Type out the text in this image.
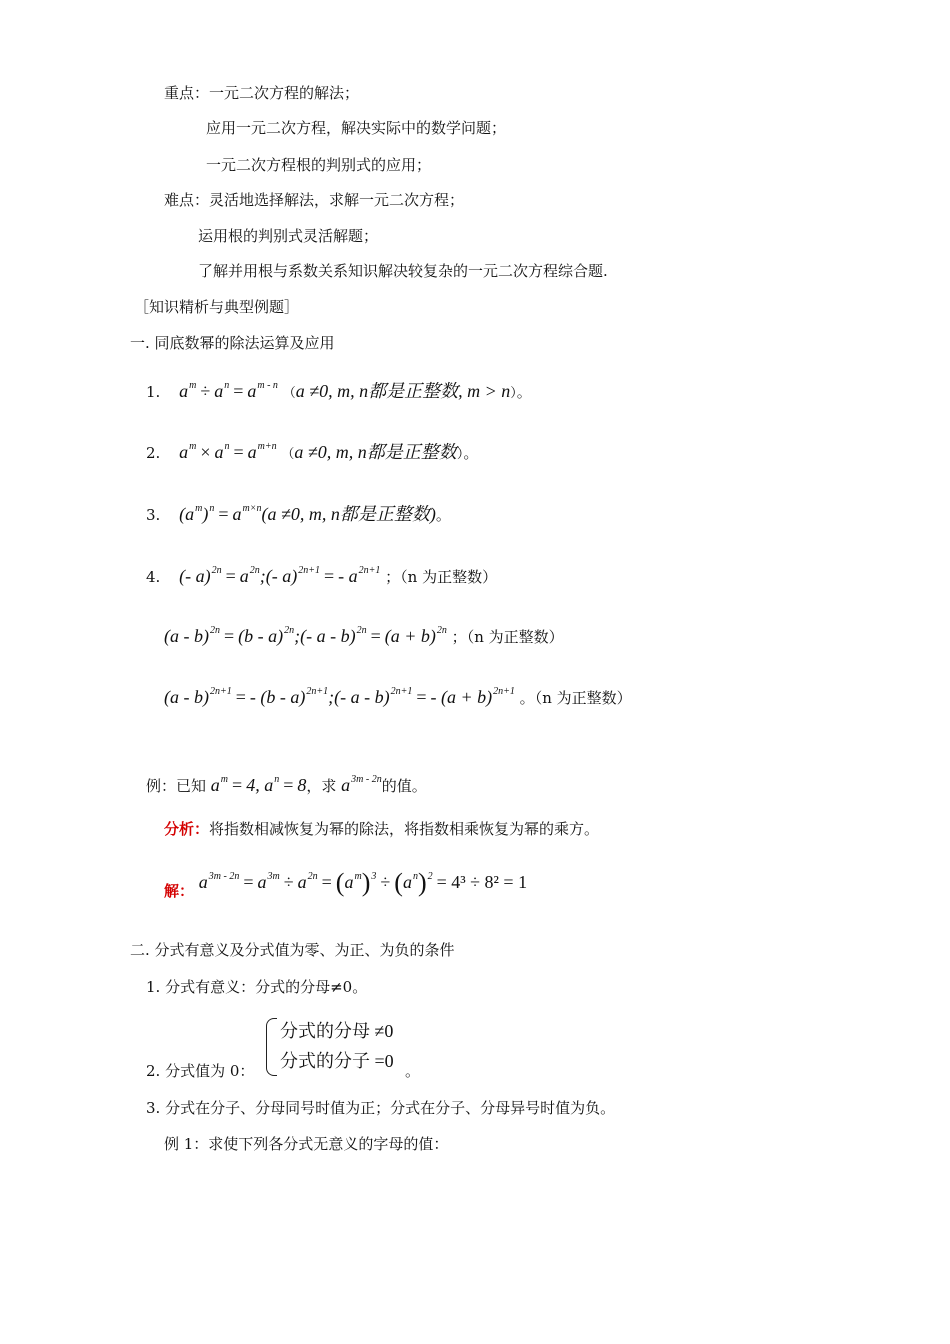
重点：一元二次方程的解法；
应用一元二次方程，解决实际中的数学问题；
一元二次方程根的判别式的应用；
难点：灵活地选择解法，求解一元二次方程；
运用根的判别式灵活解题；
了解并用根与系数关系知识解决较复杂的一元二次方程综合题.
［知识精析与典型例题］
一. 同底数幂的除法运算及应用
1. $a^m \div a^n = a^{m - n}$ （a ≠0, m, n都是正整数, m > n）。
2. $a^m \times a^n = a^{m+n}$ （a ≠0, m, n都是正整数）。
3. $(a^m)^n = a^{m\times n}(a \ne 0$, m, n都是正整数)。
4. (- $a)^{2n} = a^{2n};(-$ a)$^{2n+1}$ = - $a^{2n+1}$ ；（n 为正整数）
(a - b)$^{2n}$ = (b - a)$^{2n}$;(- $a - b)^{2n} = (a + b)^{2n}$ ；（n 为正整数）
(a - b)$^{2n+1}$ = - (b - a)$^{2n+1}$;(- a - b)$^{2n+1}$ = - $(a + b)^{2n+1}$ 。（n 为正整数）
例：已知 $a^m = 4$, $a^n = 8$，求 $a^{3m - 2n}$的值。
分析：将指数相减恢复为幂的除法，将指数相乘恢复为幂的乘方。
解： $a^{3m - 2n} = a^{3m} \div a^{2n} = (a^m)^3 \div (a^n)^2 = 4^3 \div 8^2 = 1$
二. 分式有意义及分式值为零、为正、为负的条件
1. 分式有意义：分式的分母≠0。
分式的分母 ≠0
分式的分子 =0
2. 分式值为 0：	。
3. 分式在分子、分母同号时值为正；分式在分子、分母异号时值为负。
例 1：求使下列各分式无意义的字母的值：
